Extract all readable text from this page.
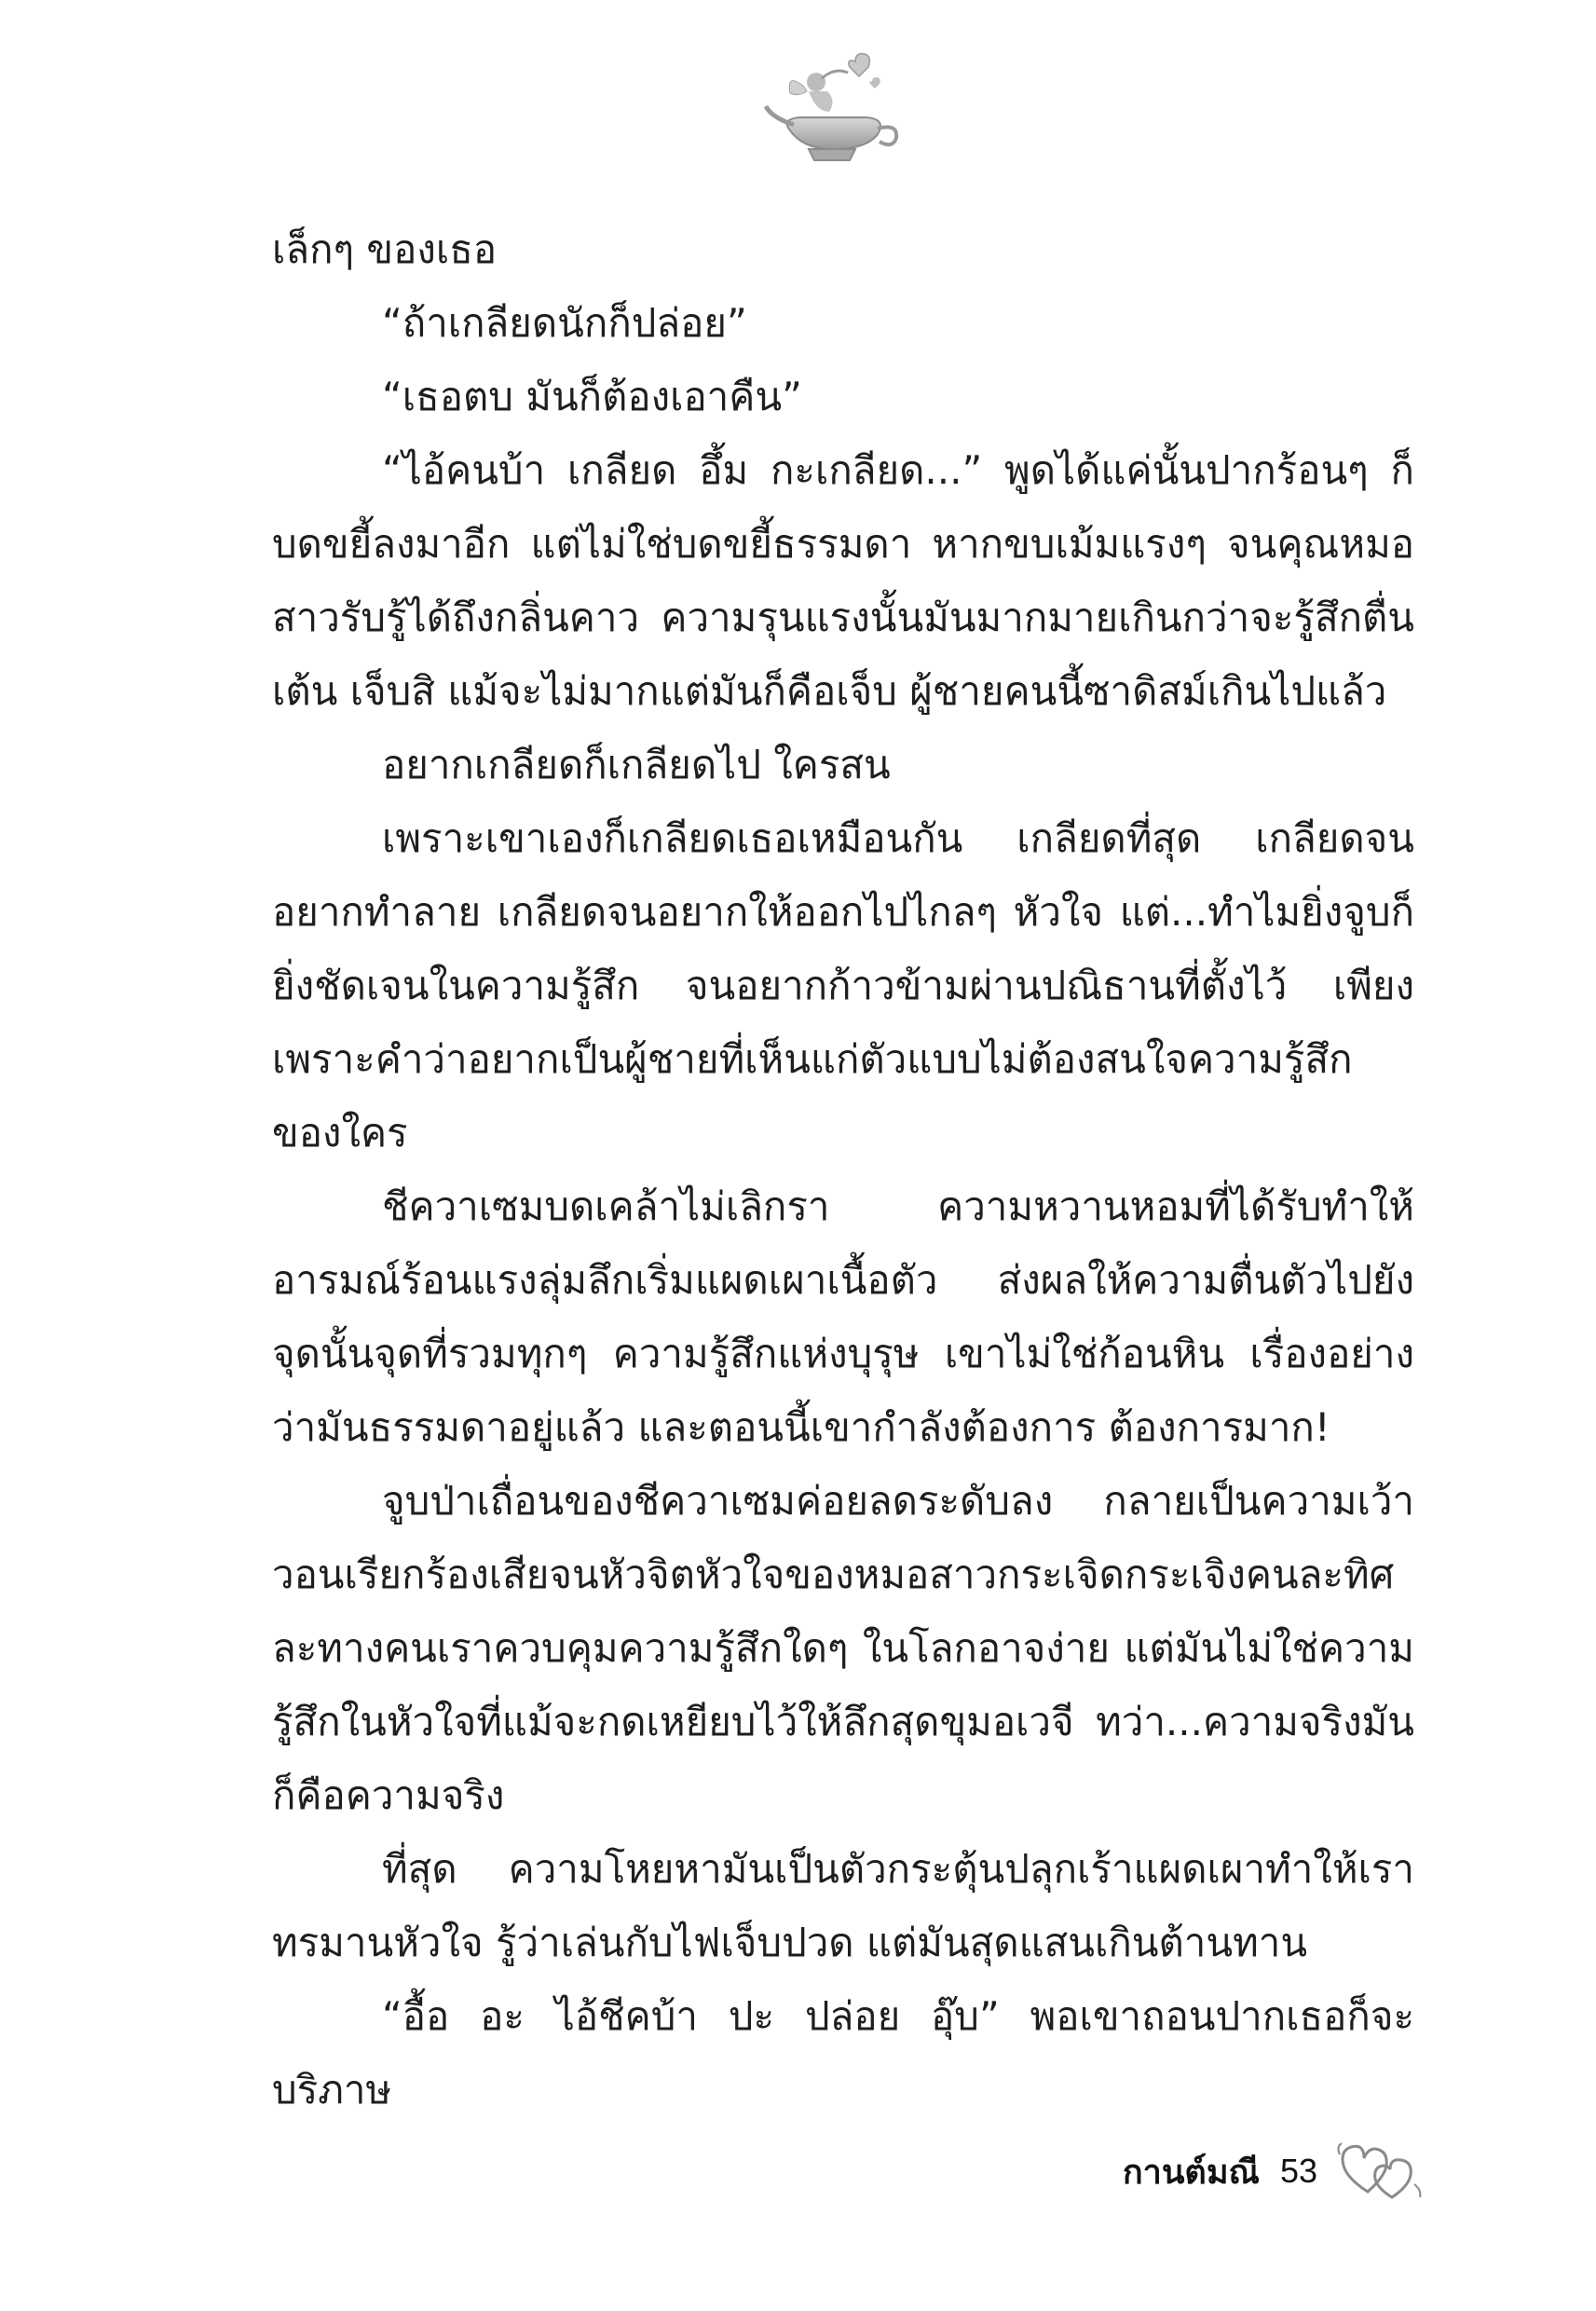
เล็กๆ ของเธอ

“ถ้าเกลียดนักก็ปล่อย”

“เธอตบ มันก็ต้องเอาคืน”

“ไอ้คนบ้า เกลียด อึ้ม กะเกลียด...” พูดได้แค่นั้นปากร้อนๆ ก็บดขยี้ลงมาอีก แต่ไม่ใช่บดขยี้ธรรมดา หากขบเม้มแรงๆ จนคุณหมอสาวรับรู้ได้ถึงกลิ่นคาว ความรุนแรงนั้นมันมากมายเกินกว่าจะรู้สึกตื่นเต้น เจ็บสิ แม้จะไม่มากแต่มันก็คือเจ็บ ผู้ชายคนนี้ซาดิสม์เกินไปแล้ว

อยากเกลียดก็เกลียดไป ใครสน

เพราะเขาเองก็เกลียดเธอเหมือนกัน เกลียดที่สุด เกลียดจนอยากทำลาย เกลียดจนอยากให้ออกไปไกลๆ หัวใจ แต่...ทำไมยิ่งจูบก็ยิ่งชัดเจนในความรู้สึก จนอยากก้าวข้ามผ่านปณิธานที่ตั้งไว้ เพียงเพราะคำว่าอยากเป็นผู้ชายที่เห็นแก่ตัวแบบไม่ต้องสนใจความรู้สึกของใคร

ชีควาเซมบดเคล้าไม่เลิกรา ความหวานหอมที่ได้รับทำให้อารมณ์ร้อนแรงลุ่มลึกเริ่มแผดเผาเนื้อตัว ส่งผลให้ความตื่นตัวไปยังจุดนั้นจุดที่รวมทุกๆ ความรู้สึกแห่งบุรุษ เขาไม่ใช่ก้อนหิน เรื่องอย่างว่ามันธรรมดาอยู่แล้ว และตอนนี้เขากำลังต้องการ ต้องการมาก!

จูบป่าเถื่อนของชีควาเซมค่อยลดระดับลง กลายเป็นความเว้าวอนเรียกร้องเสียจนหัวจิตหัวใจของหมอสาวกระเจิดกระเจิงคนละทิศละทางคนเราควบคุมความรู้สึกใดๆ ในโลกอาจง่าย แต่มันไม่ใช่ความรู้สึกในหัวใจที่แม้จะกดเหยียบไว้ให้ลึกสุดขุมอเวจี ทว่า...ความจริงมันก็คือความจริง

ที่สุด ความโหยหามันเป็นตัวกระตุ้นปลุกเร้าแผดเผาทำให้เราทรมานหัวใจ รู้ว่าเล่นกับไฟเจ็บปวด แต่มันสุดแสนเกินต้านทาน

“อื้อ อะ ไอ้ชีคบ้า ปะ ปล่อย อุ๊บ” พอเขาถอนปากเธอก็จะบริภาษ

กานต์มณี 53
